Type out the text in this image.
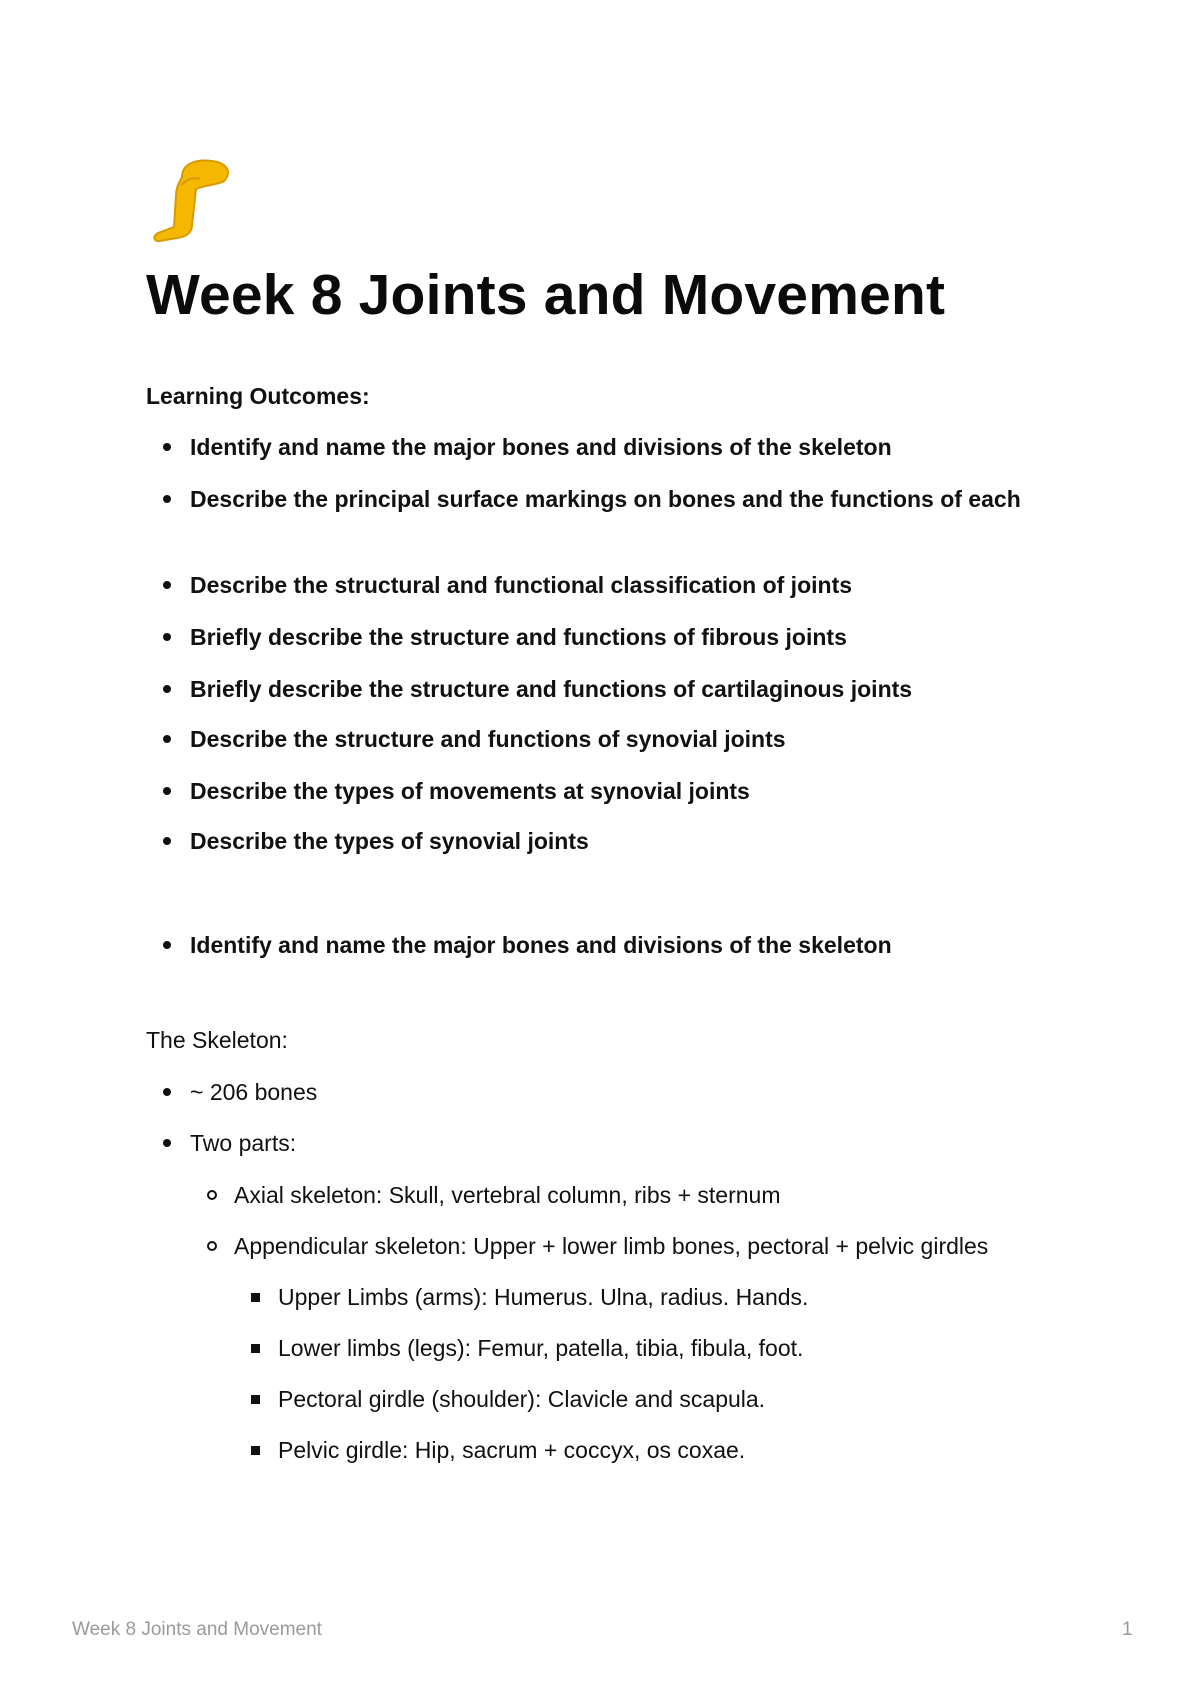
Week 8 Joints and Movement

Learning Outcomes:

Identify and name the major bones and divisions of the skeleton
Describe the principal surface markings on bones and the functions of each
Describe the structural and functional classification of joints
Briefly describe the structure and functions of fibrous joints
Briefly describe the structure and functions of cartilaginous joints
Describe the structure and functions of synovial joints
Describe the types of movements at synovial joints
Describe the types of synovial joints
Identify and name the major bones and divisions of the skeleton

The Skeleton:

~ 206 bones
Two parts:
Axial skeleton: Skull, vertebral column, ribs + sternum
Appendicular skeleton: Upper + lower limb bones, pectoral + pelvic girdles
Upper Limbs (arms): Humerus. Ulna, radius. Hands.
Lower limbs (legs): Femur, patella, tibia, fibula, foot.
Pectoral girdle (shoulder): Clavicle and scapula.
Pelvic girdle: Hip, sacrum + coccyx, os coxae.
Week 8 Joints and Movement	1
